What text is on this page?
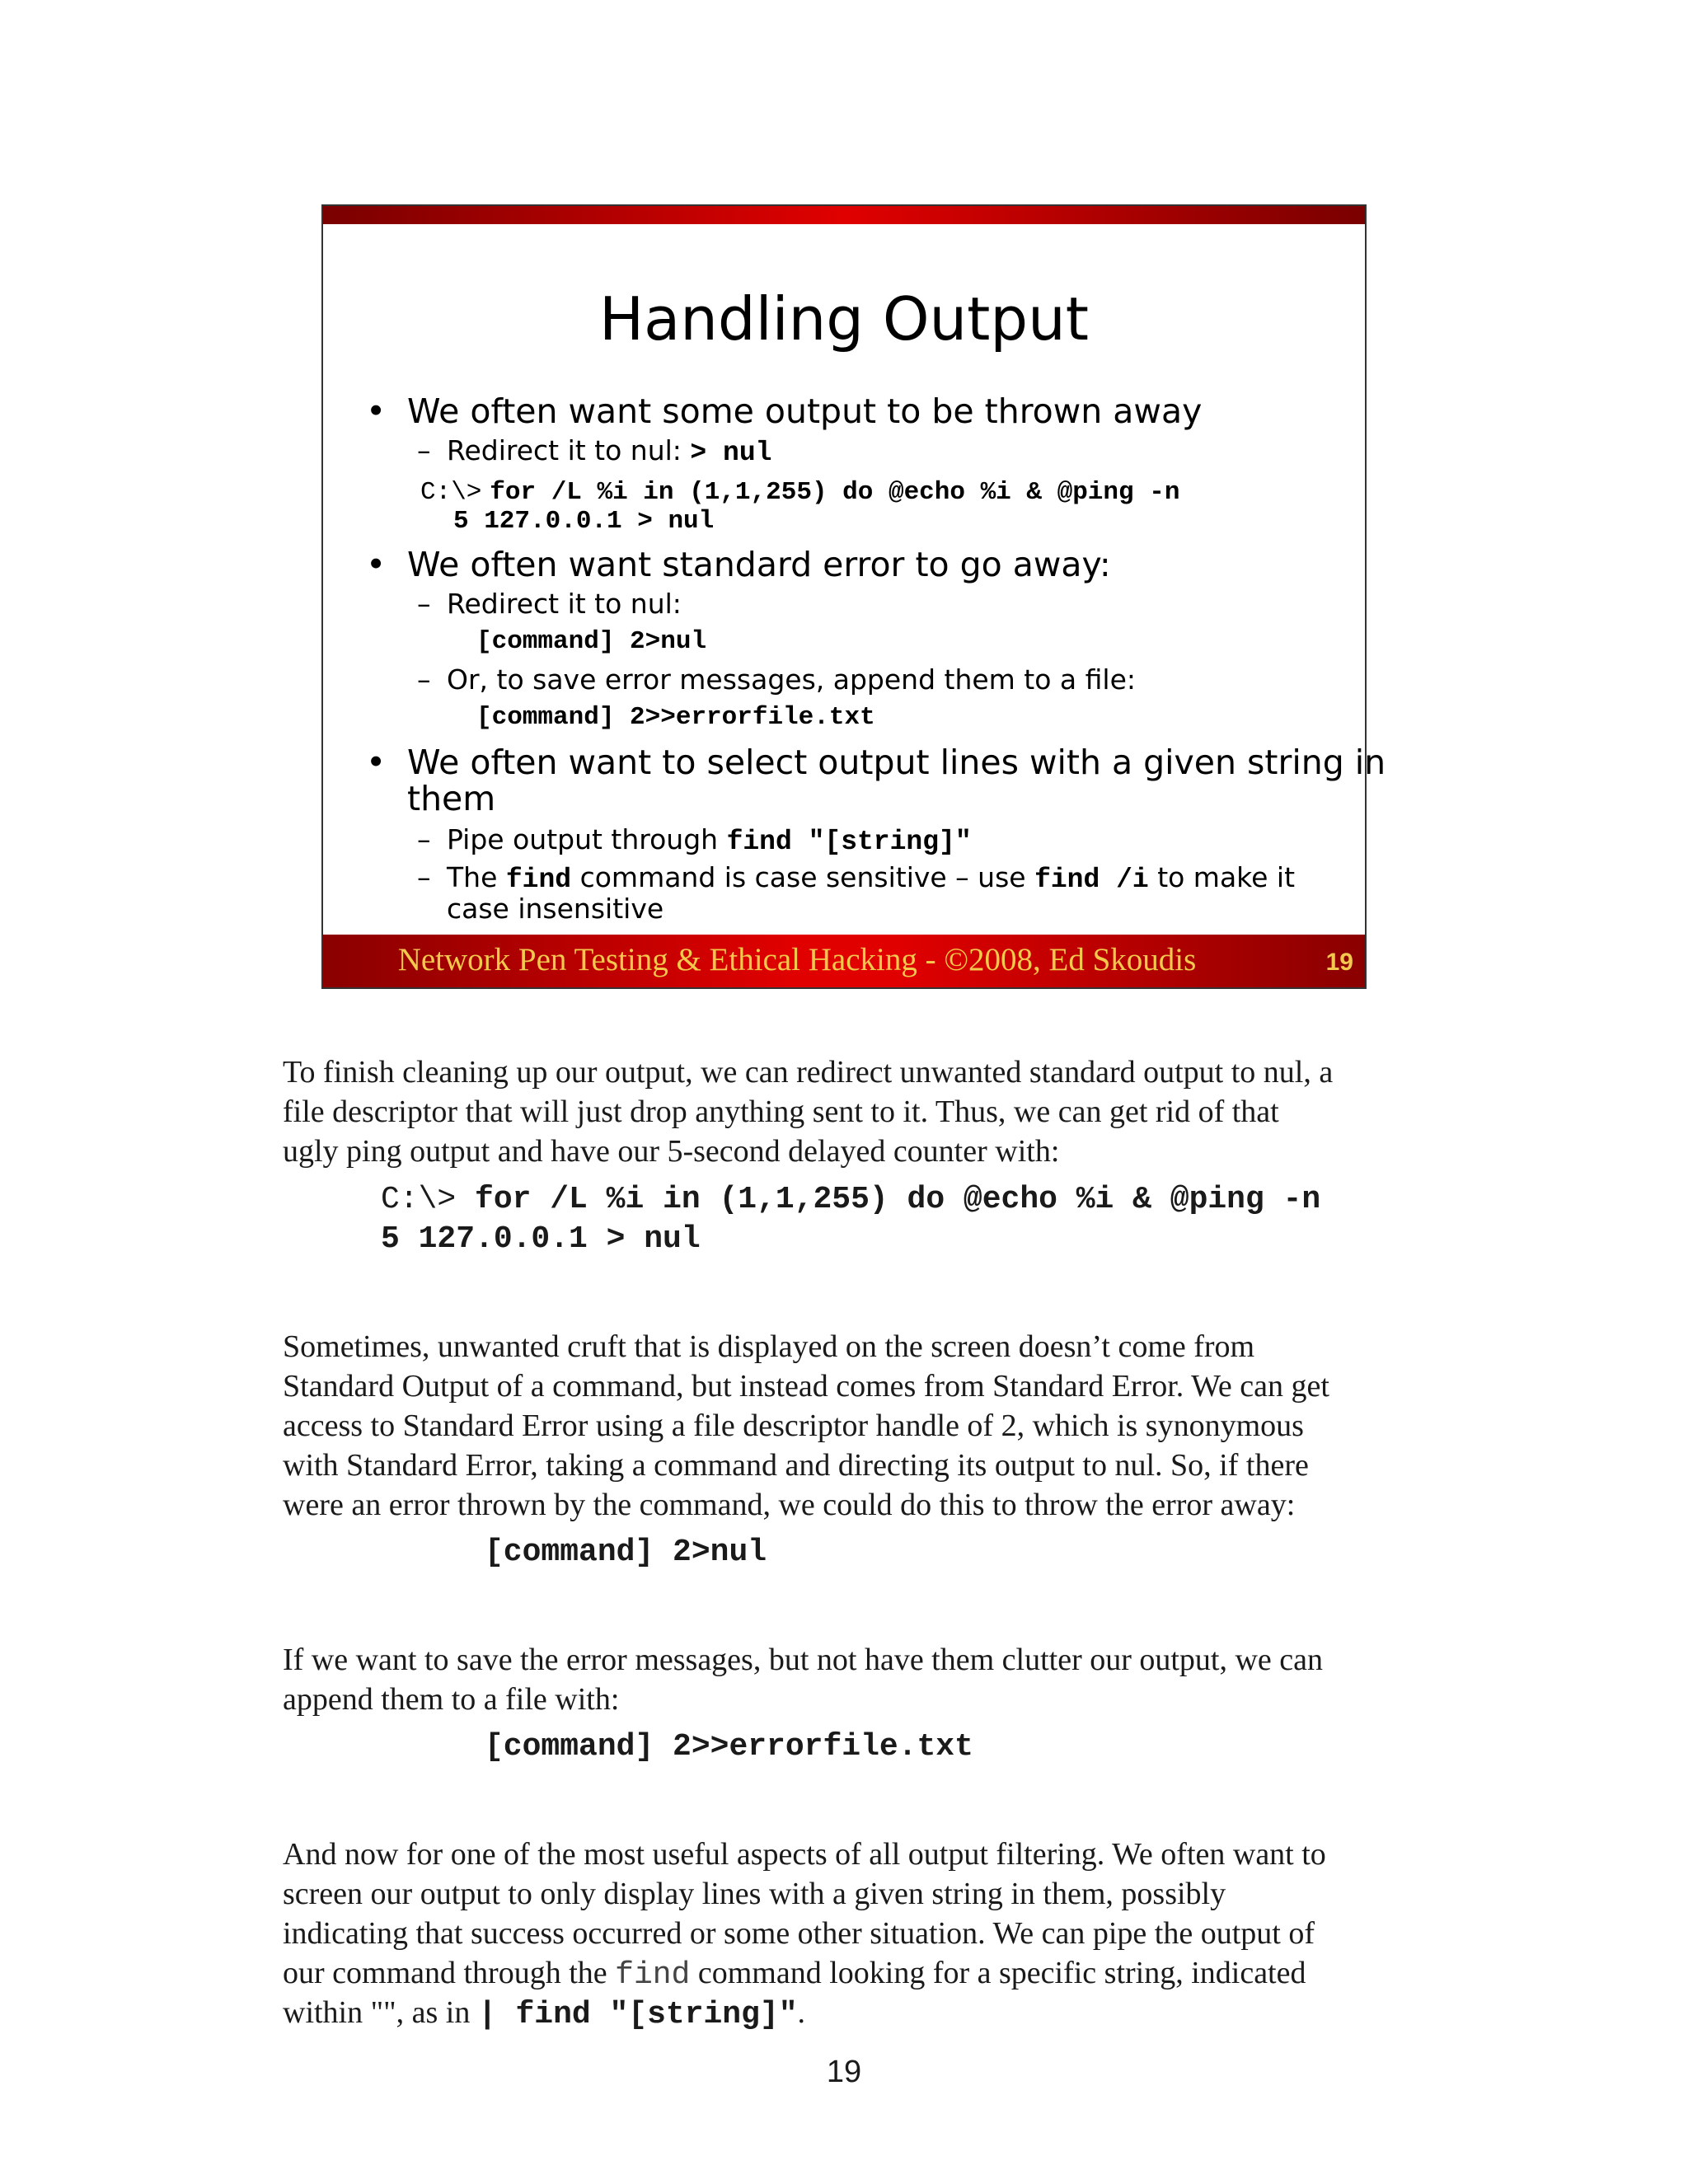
Handling Output
• We often want some output to be thrown away
– Redirect it to nul: > nul
C:\> for /L %i in (1,1,255) do @echo %i & @ping -n
5 127.0.0.1 > nul
• We often want standard error to go away:
– Redirect it to nul:
[command] 2>nul
– Or, to save error messages, append them to a file:
[command] 2>>errorfile.txt
• We often want to select output lines with a given string in
them
– Pipe output through find "[string]"
– The find command is case sensitive – use find /i to make it
case insensitive
Network Pen Testing & Ethical Hacking - ©2008, Ed Skoudis	19
To finish cleaning up our output, we can redirect unwanted standard output to nul, a
file descriptor that will just drop anything sent to it. Thus, we can get rid of that
ugly ping output and have our 5-second delayed counter with:
C:\> for /L %i in (1,1,255) do @echo %i & @ping -n
5 127.0.0.1 > nul
Sometimes, unwanted cruft that is displayed on the screen doesn’t come from
Standard Output of a command, but instead comes from Standard Error. We can get
access to Standard Error using a file descriptor handle of 2, which is synonymous
with Standard Error, taking a command and directing its output to nul. So, if there
were an error thrown by the command, we could do this to throw the error away:
[command] 2>nul
If we want to save the error messages, but not have them clutter our output, we can
append them to a file with:
[command] 2>>errorfile.txt
And now for one of the most useful aspects of all output filtering. We often want to
screen our output to only display lines with a given string in them, possibly
indicating that success occurred or some other situation. We can pipe the output of
our command through the find command looking for a specific string, indicated
within "", as in | find "[string]".
19
